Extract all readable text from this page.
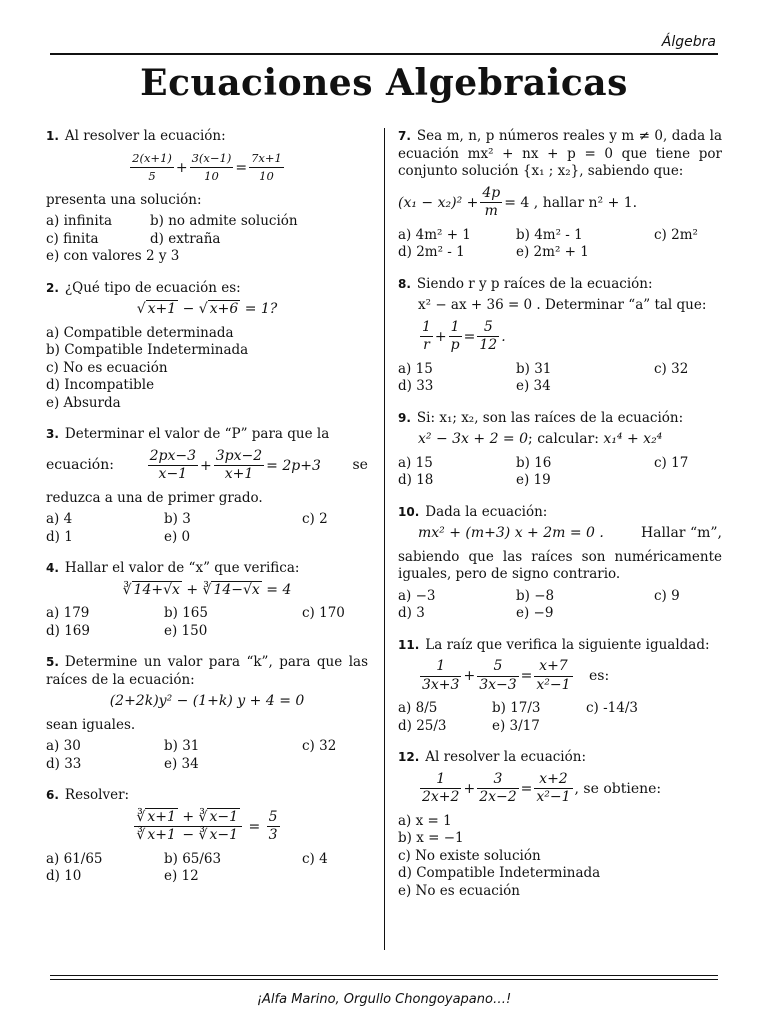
Álgebra
Ecuaciones Algebraicas

1. Al resolver la ecuación:

$\frac{2(x+1)}{5} + \frac{3(x-1)}{10} = \frac{7x+1}{10}$

presenta una solución:

a) infinita	b) no admite solución
c) finita	d) extraña
e) con valores 2 y 3

2. ¿Qué tipo de ecuación es:

√ x+1 − √ x+6 = 1?
a) Compatible determinada
b) Compatible Indeterminada
c) No es ecuación
d) Incompatible
e) Absurda

3. Determinar el valor de “P” para que la

ecuación: $\frac{2px-3}{x-1} + \frac{3px-2}{x+1} = 2p+3$ se

reduzca a una de primer grado.

a) 4	b) 3	c) 2
d) 1	e) 0

4. Hallar el valor de “x” que verifica:

∛ 14+√x + ∛ 14−√x = 4
a) 179	b) 165	c) 170
d) 169	e) 150

5. Determine un valor para “k”, para que las raíces de la ecuación:

(2+2k)y² − (1+k) y + 4 = 0

sean iguales.

a) 30	b) 31	c) 32
d) 33	e) 34

6. Resolver:

$\frac{∛ x+1 + ∛ x-1}{∛ x+1 - ∛ x-1} = \frac{5}{3}$
a) 61/65	b) 65/63	c) 4
d) 10	e) 12

7. Sea m, n, p números reales y m ≠ 0, dada la ecuación mx² + nx + p = 0 que tiene por conjunto solución {x₁ ; x₂}, sabiendo que:

$(x_1 - x_2)^2 + \frac{4p}{m} = 4$ , hallar n² + 1.
a) 4m² + 1	b) 4m² - 1	c) 2m²
d) 2m² - 1	e) 2m² + 1

8. Siendo r y p raíces de la ecuación:

x² − ax + 36 = 0 . Determinar “a” tal que:

$\frac{1}{r} + \frac{1}{p} = \frac{5}{12}$ .
a) 15	b) 31	c) 32
d) 33	e) 34

9. Si: x₁; x₂, son las raíces de la ecuación:

x² − 3x + 2 = 0; calcular: x₁⁴ + x₂⁴
a) 15	b) 16	c) 17
d) 18	e) 19

10. Dada la ecuación:

mx² + (m+3) x + 2m = 0 .	Hallar “m”,

sabiendo que las raíces son numéricamente iguales, pero de signo contrario.

a) −3	b) −8	c) 9
d) 3	e) −9

11. La raíz que verifica la siguiente igualdad:

$\frac{1}{3x+3} + \frac{5}{3x-3} = \frac{x+7}{\text{x²−1}}$ es:
a) 8/5	b) 17/3	c) -14/3
d) 25/3	e) 3/17

12. Al resolver la ecuación:

$\frac{1}{2x+2} + \frac{3}{2x-2} = \frac{x+2}{\text{x²−1}}$ , se obtiene:
a) x = 1
b) x = −1
c) No existe solución
d) Compatible Indeterminada
e) No es ecuación
¡Alfa Marino, Orgullo Chongoyapano…!
